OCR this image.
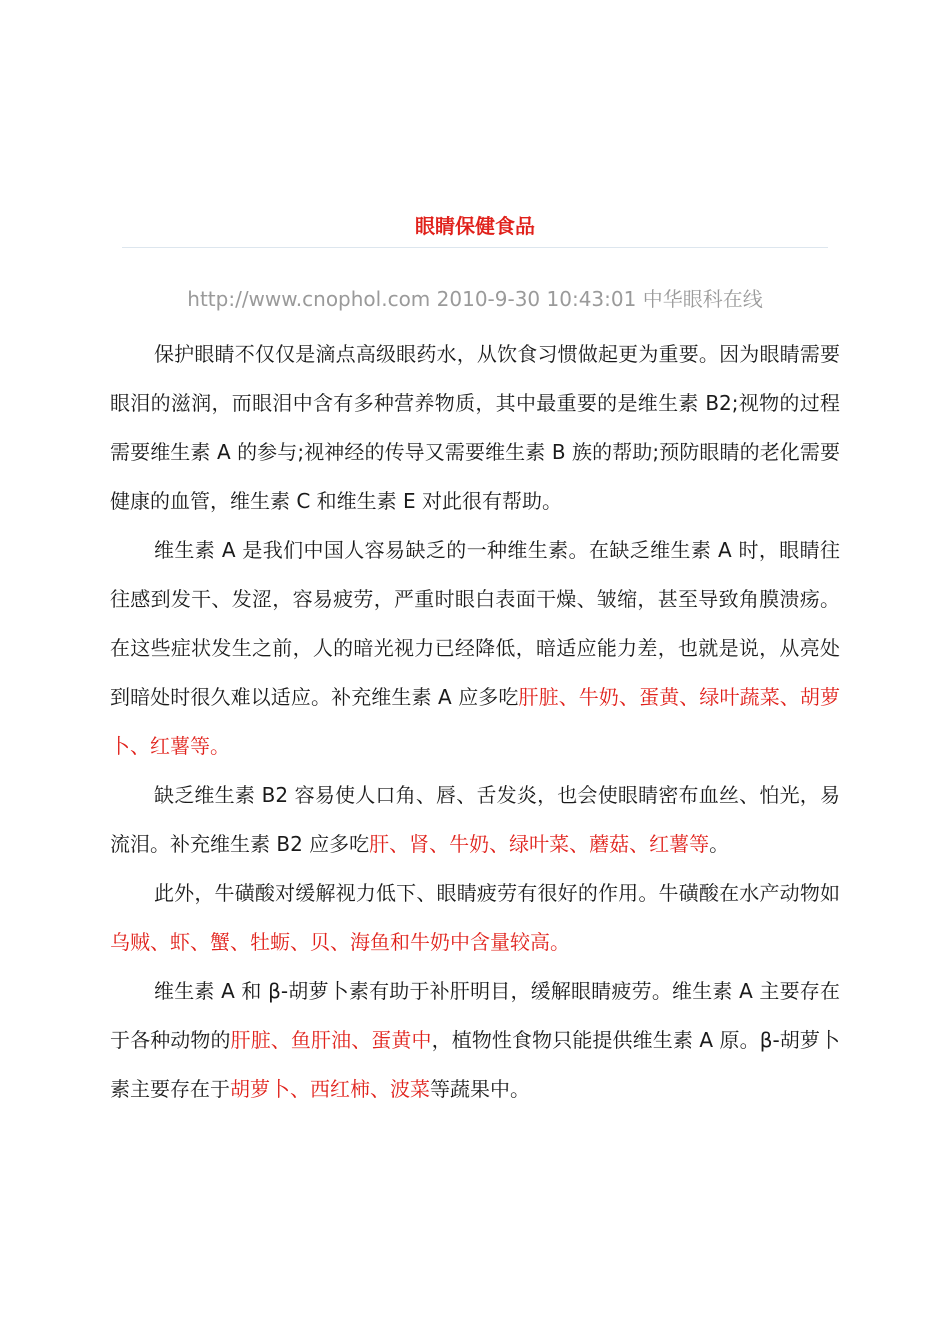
眼睛保健食品
http://www.cnophol.com 2010-9-30 10:43:01 中华眼科在线

保护眼睛不仅仅是滴点高级眼药水，从饮食习惯做起更为重要。因为眼睛需要眼泪的滋润，而眼泪中含有多种营养物质，其中最重要的是维生素 B2;视物的过程需要维生素 A 的参与;视神经的传导又需要维生素 B 族的帮助;预防眼睛的老化需要健康的血管，维生素 C 和维生素 E 对此很有帮助。

维生素 A 是我们中国人容易缺乏的一种维生素。在缺乏维生素 A 时，眼睛往往感到发干、发涩，容易疲劳，严重时眼白表面干燥、皱缩，甚至导致角膜溃疡。在这些症状发生之前，人的暗光视力已经降低，暗适应能力差，也就是说，从亮处到暗处时很久难以适应。补充维生素 A 应多吃肝脏、牛奶、蛋黄、绿叶蔬菜、胡萝卜、红薯等。

缺乏维生素 B2 容易使人口角、唇、舌发炎，也会使眼睛密布血丝、怕光，易流泪。补充维生素 B2 应多吃肝、肾、牛奶、绿叶菜、蘑菇、红薯等。

此外，牛磺酸对缓解视力低下、眼睛疲劳有很好的作用。牛磺酸在水产动物如乌贼、虾、蟹、牡蛎、贝、海鱼和牛奶中含量较高。

维生素 A 和 β-胡萝卜素有助于补肝明目，缓解眼睛疲劳。维生素 A 主要存在于各种动物的肝脏、鱼肝油、蛋黄中，植物性食物只能提供维生素 A 原。β-胡萝卜素主要存在于胡萝卜、西红柿、波菜等蔬果中。
